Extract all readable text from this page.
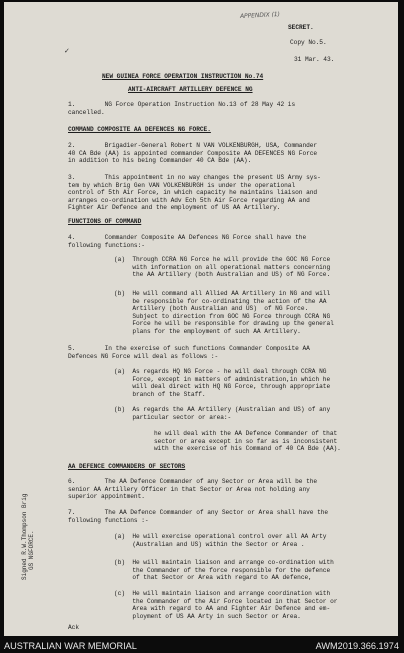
APPENDIX (1)
SECRET.
Copy No.5.
31 Mar. 43.
✓
NEW GUINEA FORCE OPERATION INSTRUCTION No.74
ANTI-AIRCRAFT ARTILLERY DEFENCE NG
1.        NG Force Operation Instruction No.13 of 28 May 42 is
cancelled.
COMMAND COMPOSITE AA DEFENCES NG FORCE.
2.        Brigadier-General Robert N VAN VOLKENBURGH, USA, Commander
40 CA Bde (AA) is appointed commander Composite AA DEFENCES NG Force
in addition to his being Commander 40 CA Bde (AA).
3.        This appointment in no way changes the present US Army sys-
tem by which Brig Gen VAN VOLKENBURGH is under the operational
control of 5th Air Force, in which capacity he maintains liaison and
arranges co-ordination with Adv Ech 5th Air Force regarding AA and
Fighter Air Defence and the employment of US AA Artillery.
FUNCTIONS OF COMMAND
4.        Commander Composite AA Defences NG Force shall have the
following functions:-
(a)  Through CCRA NG Force he will provide the GOC NG Force
with information on all operational matters concerning
the AA Artillery (both Australian and US) of NG Force.
(b)  He will command all Allied AA Artillery in NG and will
be responsible for co-ordinating the action of the AA
Artillery (both Australian and US)  of NG Force.
Subject to direction from GOC NG Force through CCRA NG
Force he will be responsible for drawing up the general
plans for the employment of such AA Artillery.
5.        In the exercise of such functions Commander Composite AA
Defences NG Force will deal as follows :-
(a)  As regards HQ NG Force - he will deal through CCRA NG
Force, except in matters of administration,in which he
will deal direct with HQ NG Force, through appropriate
branch of the Staff.
(b)  As regards the AA Artillery (Australian and US) of any
particular sector or area:-
he will deal with the AA Defence Commander of that
sector or area except in so far as is inconsistent
with the exercise of his Command of 40 CA Bde (AA).
AA DEFENCE COMMANDERS OF SECTORS
6.        The AA Defence Commander of any Sector or Area will be the
senior AA Artillery Officer in that Sector or Area not holding any
superior appointment.
7.        The AA Defence Commander of any Sector or Area shall have the
following functions :-
(a)  He will exercise operational control over all AA Arty
(Australian and US) within the Sector or Area .
(b)  He will maintain liaison and arrange co-ordination with
the Commander of the force responsible for the defence
of that Sector or Area with regard to AA defence,
(c)  He will maintain liaison and arrange coordination with
the Commander of the Air Force located in that Sector or
Area with regard to AA and Fighter Air Defence and em-
ployment of US AA Arty in such Sector or Area.
Ack
Signed R.W.Thompson Brig GS NGFORCE.
AUSTRALIAN WAR MEMORIAL	AWM2019.366.1974
